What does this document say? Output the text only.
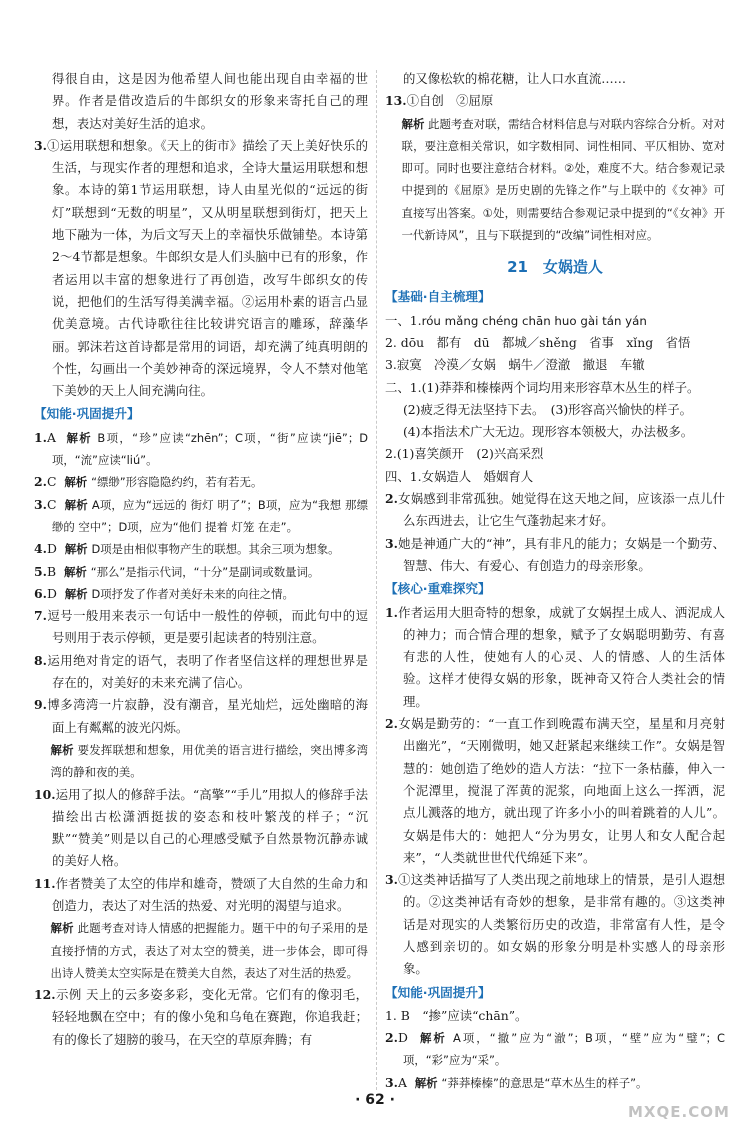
得很自由，这是因为他希望人间也能出现自由幸福的世界。作者是借改造后的牛郎织女的形象来寄托自己的理想，表达对美好生活的追求。

3.①运用联想和想象。《天上的街市》描绘了天上美好快乐的生活，与现实作者的理想和追求，全诗大量运用联想和想象。本诗的第1节运用联想，诗人由星光似的“远远的街灯”联想到“无数的明星”，又从明星联想到街灯，把天上地下融为一体，为后文写天上的幸福快乐做铺垫。本诗第2～4节都是想象。牛郎织女是人们头脑中已有的形象，作者运用以丰富的想象进行了再创造，改写牛郎织女的传说，把他们的生活写得美满幸福。②运用朴素的语言凸显优美意境。古代诗歌往往比较讲究语言的雕琢，辞藻华丽。郭沫若这首诗都是常用的词语，却充满了纯真明朗的个性，勾画出一个美妙神奇的深远境界，令人不禁对他笔下美妙的天上人间充满向往。

【知能·巩固提升】

1.A 解析 B项，“珍”应读“zhēn”；C项，“街”应读“jiē”；D项，“流”应读“liú”。

2.C 解析 “缥缈”形容隐隐约约，若有若无。

3.C 解析 A项，应为“远远的 街灯 明了”；B项，应为“我想 那缥缈的 空中”；D项，应为“他们 提着 灯笼 在走”。

4.D 解析 D项是由相似事物产生的联想。其余三项为想象。

5.B 解析 “那么”是指示代词，“十分”是副词或数量词。

6.D 解析 D项抒发了作者对美好未来的向往之情。

7.逗号一般用来表示一句话中一般性的停顿，而此句中的逗号则用于表示停顿，更是要引起读者的特别注意。

8.运用绝对肯定的语气，表明了作者坚信这样的理想世界是存在的，对美好的未来充满了信心。

9.博多湾湾一片寂静，没有潮音，星光灿烂，远处幽暗的海面上有粼粼的波光闪烁。

解析 要发挥联想和想象，用优美的语言进行描绘，突出博多湾湾的静和夜的美。

10.运用了拟人的修辞手法。“高擎”“手儿”用拟人的修辞手法描绘出古松潇洒挺拔的姿态和枝叶繁茂的样子；“沉默”“赞美”则是以自己的心理感受赋予自然景物沉静赤诚的美好人格。

11.作者赞美了太空的伟岸和雄奇，赞颂了大自然的生命力和创造力，表达了对生活的热爱、对光明的渴望与追求。

解析 此题考查对诗人情感的把握能力。题干中的句子采用的是直接抒情的方式，表达了对太空的赞美，进一步体会，即可得出诗人赞美太空实际是在赞美大自然，表达了对生活的热爱。

12.示例 天上的云多姿多彩，变化无常。它们有的像羽毛，轻轻地飘在空中；有的像小兔和乌龟在赛跑，你追我赶；有的像长了翅膀的骏马，在天空的草原奔腾；有

的又像松软的棉花糖，让人口水直流……

13.①自创　②屈原

解析 此题考查对联，需结合材料信息与对联内容综合分析。对对联，要注意相关常识，如字数相同、词性相同、平仄相协、宽对即可。同时也要注意结合材料。②处，难度不大。结合参观记录中提到的《屈原》是历史剧的先锋之作”与上联中的《女神》可直接写出答案。①处，则需要结合参观记录中提到的“《女神》开一代新诗风”，且与下联提到的“改编”词性相对应。

21　女娲造人
【基础·自主梳理】

一、1.róu mǎng chéng chān huo gài tán yán

2. dōu　都有　dū　都城／shěng　省事　xǐng　省悟

3.寂寞　冷漠／女娲　蜗牛／澄澈　撤退　车辙

二、1.(1)莽莽和榛榛两个词均用来形容草木丛生的样子。

(2)疲乏得无法坚持下去。　(3)形容高兴愉快的样子。

(4)本指法术广大无边。现形容本领极大，办法极多。

2.(1)喜笑颜开　(2)兴高采烈

四、1.女娲造人　婚姻育人

2.女娲感到非常孤独。她觉得在这天地之间，应该添一点儿什么东西进去，让它生气蓬勃起来才好。

3.她是神通广大的“神”，具有非凡的能力；女娲是一个勤劳、智慧、伟大、有爱心、有创造力的母亲形象。

【核心·重难探究】

1.作者运用大胆奇特的想象，成就了女娲捏土成人、洒泥成人的神力；而合情合理的想象，赋予了女娲聪明勤劳、有喜有悲的人性，使她有人的心灵、人的情感、人的生活体验。这样才使得女娲的形象，既神奇又符合人类社会的情理。

2.女娲是勤劳的：“一直工作到晚霞布满天空，星星和月亮射出幽光”，“天刚微明，她又赶紧起来继续工作”。女娲是智慧的：她创造了绝妙的造人方法：“拉下一条枯藤，伸入一个泥潭里，搅混了浑黄的泥浆，向地面上这么一挥洒，泥点儿溅落的地方，就出现了许多小小的叫着跳着的人儿”。女娲是伟大的：她把人“分为男女，让男人和女人配合起来”，“人类就世世代代绵延下来”。

3.①这类神话描写了人类出现之前地球上的情景，是引人遐想的。②这类神话有奇妙的想象，是非常有趣的。③这类神话是对现实的人类繁衍历史的改造，非常富有人性，是令人感到亲切的。如女娲的形象分明是朴实感人的母亲形象。

【知能·巩固提升】

1. B　“掺”应读“chān”。

2.D 解析 A项，“撤”应为“澈”；B项，“壁”应为“璧”；C项，“彩”应为“采”。

3.A 解析 “莽莽榛榛”的意思是“草木丛生的样子”。

· 62 ·
MXQE.COM
